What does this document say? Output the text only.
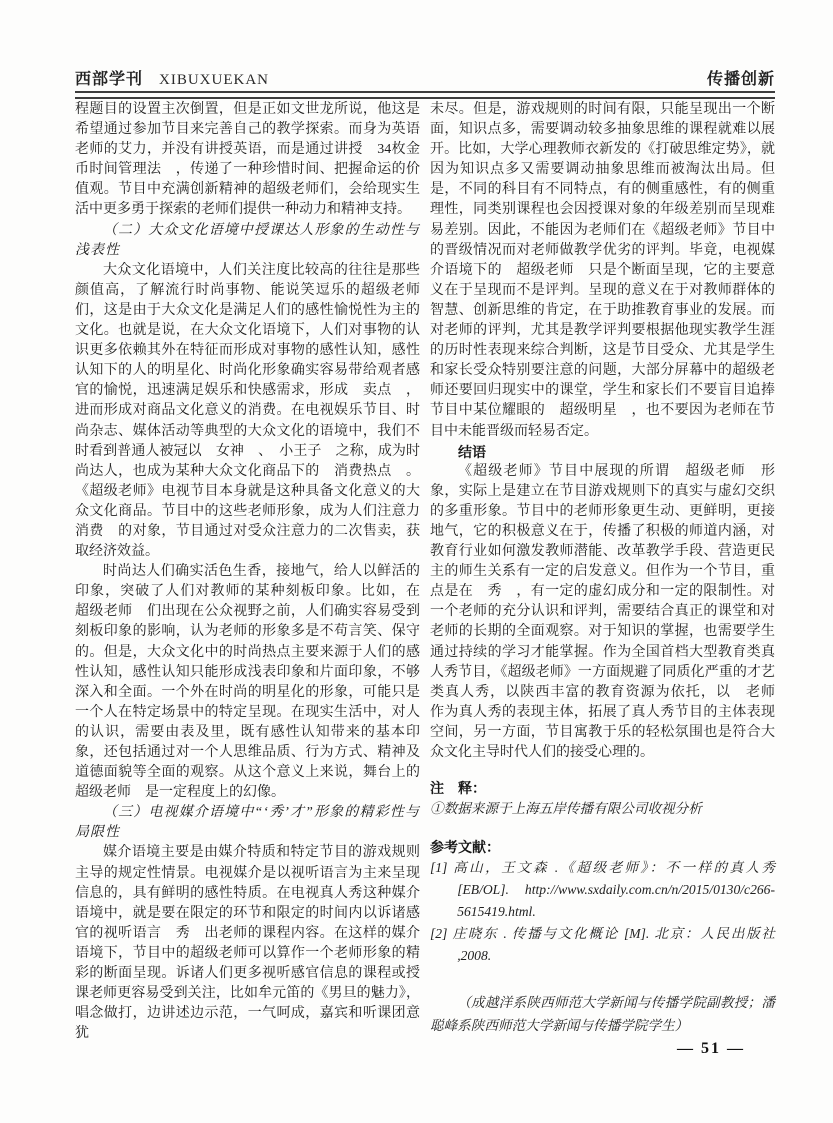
西部学刊 XIBUXUEKAN	传播创新

程题目的设置主次倒置，但是正如文世龙所说，他这是希望通过参加节目来完善自己的教学探索。而身为英语老师的艾力，并没有讲授英语，而是通过讲授　34枚金币时间管理法　，传递了一种珍惜时间、把握命运的价值观。节目中充满创新精神的超级老师们，会给现实生活中更多勇于探索的老师们提供一种动力和精神支持。

（二）大众文化语境中授课达人形象的生动性与浅表性

大众文化语境中，人们关注度比较高的往往是那些颜值高，了解流行时尚事物、能说笑逗乐的超级老师们，这是由于大众文化是满足人们的感性愉悦性为主的文化。也就是说，在大众文化语境下，人们对事物的认识更多依赖其外在特征而形成对事物的感性认知，感性认知下的人的明星化、时尚化形象确实容易带给观者感官的愉悦，迅速满足娱乐和快感需求，形成　卖点　，进而形成对商品文化意义的消费。在电视娱乐节目、时尚杂志、媒体活动等典型的大众文化的语境中，我们不时看到普通人被冠以　女神　、　小王子　之称，成为时尚达人，也成为某种大众文化商品下的　消费热点　。《超级老师》电视节目本身就是这种具备文化意义的大众文化商品。节目中的这些老师形象，成为人们注意力　消费　的对象，节目通过对受众注意力的二次售卖，获取经济效益。

时尚达人们确实活色生香，接地气，给人以鲜活的印象，突破了人们对教师的某种刻板印象。比如，在　超级老师　们出现在公众视野之前，人们确实容易受到刻板印象的影响，认为老师的形象多是不苟言笑、保守的。但是，大众文化中的时尚热点主要来源于人们的感性认知，感性认知只能形成浅表印象和片面印象，不够深入和全面。一个外在时尚的明星化的形象，可能只是一个人在特定场景中的特定呈现。在现实生活中，对人的认识，需要由表及里，既有感性认知带来的基本印象，还包括通过对一个人思维品质、行为方式、精神及道德面貌等全面的观察。从这个意义上来说，舞台上的　超级老师　是一定程度上的幻像。

（三）电视媒介语境中“‘秀’才”形象的精彩性与局限性

媒介语境主要是由媒介特质和特定节目的游戏规则主导的规定性情景。电视媒介是以视听语言为主来呈现信息的，具有鲜明的感性特质。在电视真人秀这种媒介语境中，就是要在限定的环节和限定的时间内以诉诸感官的视听语言　秀　出老师的课程内容。在这样的媒介语境下，节目中的超级老师可以算作一个老师形象的精彩的断面呈现。诉诸人们更多视听感官信息的课程或授课老师更容易受到关注，比如牟元笛的《男旦的魅力》，唱念做打，边讲述边示范，一气呵成，嘉宾和听课团意犹

未尽。但是，游戏规则的时间有限，只能呈现出一个断面，知识点多，需要调动较多抽象思维的课程就难以展开。比如，大学心理教师衣新发的《打破思维定势》，就因为知识点多又需要调动抽象思维而被淘汰出局。但是，不同的科目有不同特点，有的侧重感性，有的侧重理性，同类别课程也会因授课对象的年级差别而呈现难易差别。因此，不能因为老师们在《超级老师》节目中的晋级情况而对老师做教学优劣的评判。毕竟，电视媒介语境下的　超级老师　只是个断面呈现，它的主要意义在于呈现而不是评判。呈现的意义在于对教师群体的智慧、创新思维的肯定，在于助推教育事业的发展。而对老师的评判，尤其是教学评判要根据他现实教学生涯的历时性表现来综合判断，这是节目受众、尤其是学生和家长受众特别要注意的问题，大部分屏幕中的超级老师还要回归现实中的课堂，学生和家长们不要盲目追捧节目中某位耀眼的　超级明星　，也不要因为老师在节目中未能晋级而轻易否定。

结语

《超级老师》节目中展现的所谓　超级老师　形象，实际上是建立在节目游戏规则下的真实与虚幻交织的多重形象。节目中的老师形象更生动、更鲜明，更接地气，它的积极意义在于，传播了积极的师道内涵，对教育行业如何激发教师潜能、改革教学手段、营造更民主的师生关系有一定的启发意义。但作为一个节目，重点是在　秀　，有一定的虚幻成分和一定的限制性。对一个老师的充分认识和评判，需要结合真正的课堂和对老师的长期的全面观察。对于知识的掌握，也需要学生通过持续的学习才能掌握。作为全国首档大型教育类真人秀节目，《超级老师》一方面规避了同质化严重的才艺类真人秀，以陕西丰富的教育资源为依托，以　老师　作为真人秀的表现主体，拓展了真人秀节目的主体表现空间，另一方面，节目寓教于乐的轻松氛围也是符合大众文化主导时代人们的接受心理的。

注　释：

①数据来源于上海五岸传播有限公司收视分析

参考文献：

[1] 高山，王文森 .《超级老师》：不一样的真人秀 [EB/OL]. http://www.sxdaily.com.cn/n/2015/0130/c266-5615419.html.

[2] 庄晓东 . 传播与文化概论 [M]. 北京：人民出版社 ,2008.

（成越洋系陕西师范大学新闻与传播学院副教授；潘聪峰系陕西师范大学新闻与传播学院学生）

— 51 —
